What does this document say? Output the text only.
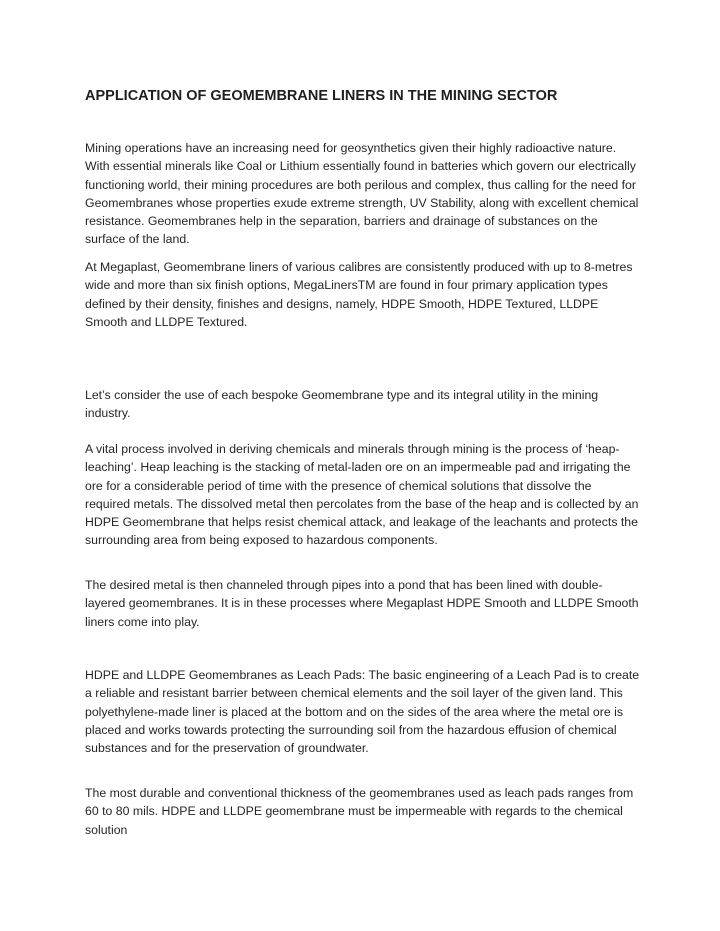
APPLICATION OF GEOMEMBRANE LINERS IN THE MINING SECTOR

Mining operations have an increasing need for geosynthetics given their highly radioactive nature. With essential minerals like Coal or Lithium essentially found in batteries which govern our electrically functioning world, their mining procedures are both perilous and complex, thus calling for the need for Geomembranes whose properties exude extreme strength, UV Stability, along with excellent chemical resistance. Geomembranes help in the separation, barriers and drainage of substances on the surface of the land.

At Megaplast, Geomembrane liners of various calibres are consistently produced with up to 8-metres wide and more than six finish options, MegaLinersTM are found in four primary application types defined by their density, finishes and designs, namely, HDPE Smooth, HDPE Textured, LLDPE Smooth and LLDPE Textured.

Let’s consider the use of each bespoke Geomembrane type and its integral utility in the mining industry.

A vital process involved in deriving chemicals and minerals through mining is the process of ‘heap-leaching’. Heap leaching is the stacking of metal-laden ore on an impermeable pad and irrigating the ore for a considerable period of time with the presence of chemical solutions that dissolve the required metals. The dissolved metal then percolates from the base of the heap and is collected by an HDPE Geomembrane that helps resist chemical attack, and leakage of the leachants and protects the surrounding area from being exposed to hazardous components.

The desired metal is then channeled through pipes into a pond that has been lined with double-layered geomembranes. It is in these processes where Megaplast HDPE Smooth and LLDPE Smooth liners come into play.

HDPE and LLDPE Geomembranes as Leach Pads: The basic engineering of a Leach Pad is to create a reliable and resistant barrier between chemical elements and the soil layer of the given land. This polyethylene-made liner is placed at the bottom and on the sides of the area where the metal ore is placed and works towards protecting the surrounding soil from the hazardous effusion of chemical substances and for the preservation of groundwater.

The most durable and conventional thickness of the geomembranes used as leach pads ranges from 60 to 80 mils. HDPE and LLDPE geomembrane must be impermeable with regards to the chemical solution
